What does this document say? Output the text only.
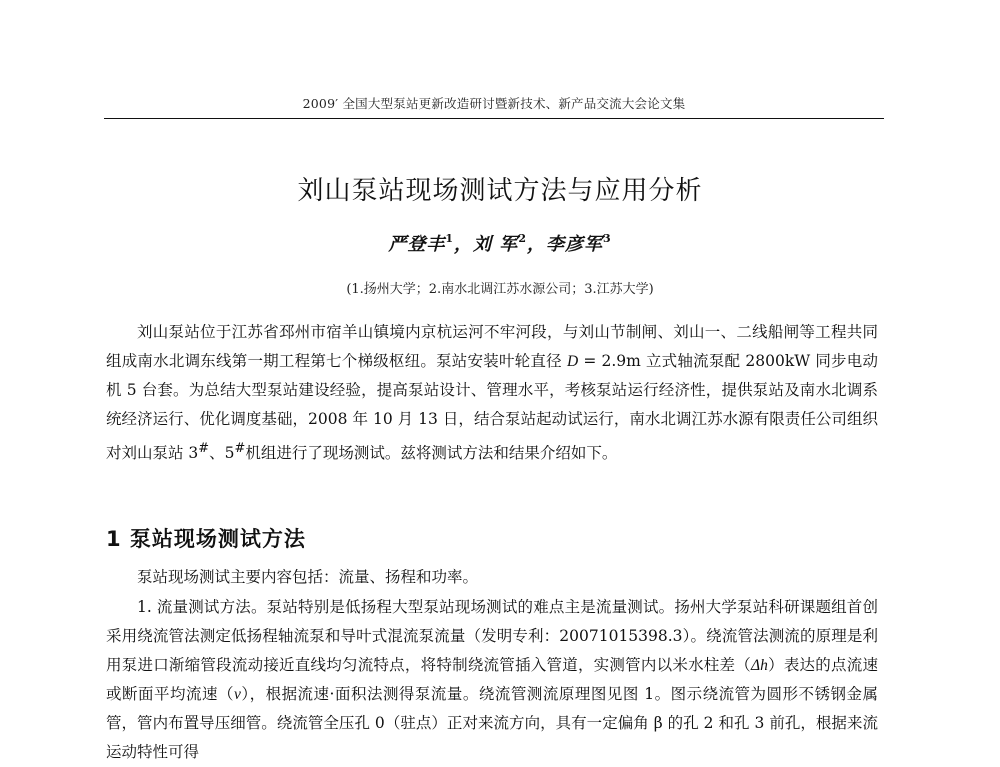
2009′ 全国大型泵站更新改造研讨暨新技术、新产品交流大会论文集
刘山泵站现场测试方法与应用分析
严登丰$^1$，刘 军$^2$，李彦军$^3$
(1.扬州大学；2.南水北调江苏水源公司；3.江苏大学)

刘山泵站位于江苏省邳州市宿羊山镇境内京杭运河不牢河段，与刘山节制闸、刘山一、二线船闸等工程共同组成南水北调东线第一期工程第七个梯级枢纽。泵站安装叶轮直径 D = 2.9m 立式轴流泵配 2800kW 同步电动机 5 台套。为总结大型泵站建设经验，提高泵站设计、管理水平，考核泵站运行经济性，提供泵站及南水北调系统经济运行、优化调度基础，2008 年 10 月 13 日，结合泵站起动试运行，南水北调江苏水源有限责任公司组织对刘山泵站 3#、5#机组进行了现场测试。兹将测试方法和结果介绍如下。

1 泵站现场测试方法

泵站现场测试主要内容包括：流量、扬程和功率。

1. 流量测试方法。泵站特别是低扬程大型泵站现场测试的难点主是流量测试。扬州大学泵站科研课题组首创采用绕流管法测定低扬程轴流泵和导叶式混流泵流量（发明专利：20071015398.3）。绕流管法测流的原理是利用泵进口渐缩管段流动接近直线均匀流特点，将特制绕流管插入管道，实测管内以米水柱差（Δh）表达的点流速或断面平均流速（v），根据流速·面积法测得泵流量。绕流管测流原理图见图 1。图示绕流管为圆形不锈钢金属管，管内布置导压细管。绕流管全压孔 0（驻点）正对来流方向，具有一定偏角 β 的孔 2 和孔 3 前孔，根据来流运动特性可得
